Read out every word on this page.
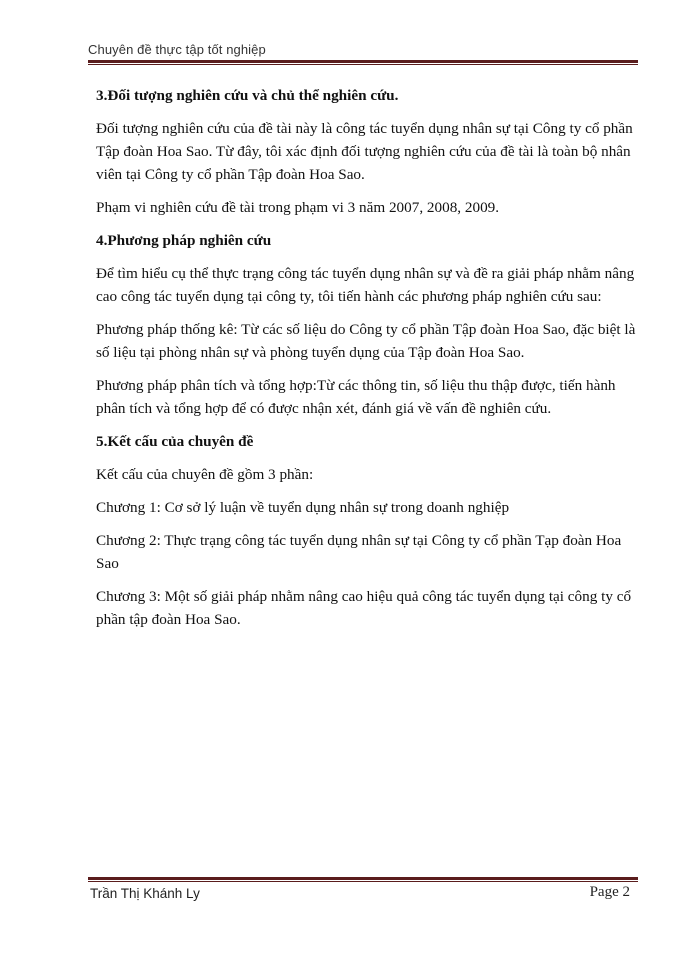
Chuyên đề thực tập tốt nghiệp

3.Đối tượng nghiên cứu và chủ thể nghiên cứu.

Đối tượng nghiên cứu của đề tài này là công tác tuyển dụng nhân sự tại Công ty cổ phần Tập đoàn Hoa Sao. Từ đây, tôi xác định đối tượng nghiên cứu của đề tài là toàn bộ nhân viên tại Công ty cổ phần Tập đoàn Hoa Sao.

Phạm vi nghiên cứu đề tài trong phạm vi 3 năm 2007, 2008, 2009.

4.Phương pháp nghiên cứu

Để tìm hiểu cụ thể thực trạng công tác tuyển dụng nhân sự và đề ra giải pháp nhằm nâng cao công tác tuyển dụng tại công ty, tôi tiến hành các phương pháp nghiên cứu sau:

Phương pháp thống kê: Từ các số liệu do Công ty cổ phần Tập đoàn Hoa Sao, đặc biệt là số liệu tại phòng nhân sự và phòng tuyển dụng của Tập đoàn Hoa Sao.

Phương pháp phân tích và tổng hợp:Từ các thông tin, số liệu thu thập được, tiến hành phân tích và tổng hợp để có được nhận xét, đánh giá về vấn đề nghiên cứu.

5.Kết cấu của chuyên đề

Kết cấu của chuyên đề gồm 3 phần:

Chương 1: Cơ sở lý luận về tuyển dụng nhân sự trong doanh nghiệp

Chương 2: Thực trạng công tác tuyển dụng nhân sự tại Công ty cổ phần Tạp đoàn Hoa Sao

Chương 3: Một số giải pháp nhằm nâng cao hiệu quả công tác tuyển dụng tại công ty cổ phần tập đoàn Hoa Sao.

Trần Thị Khánh Ly	Page 2
